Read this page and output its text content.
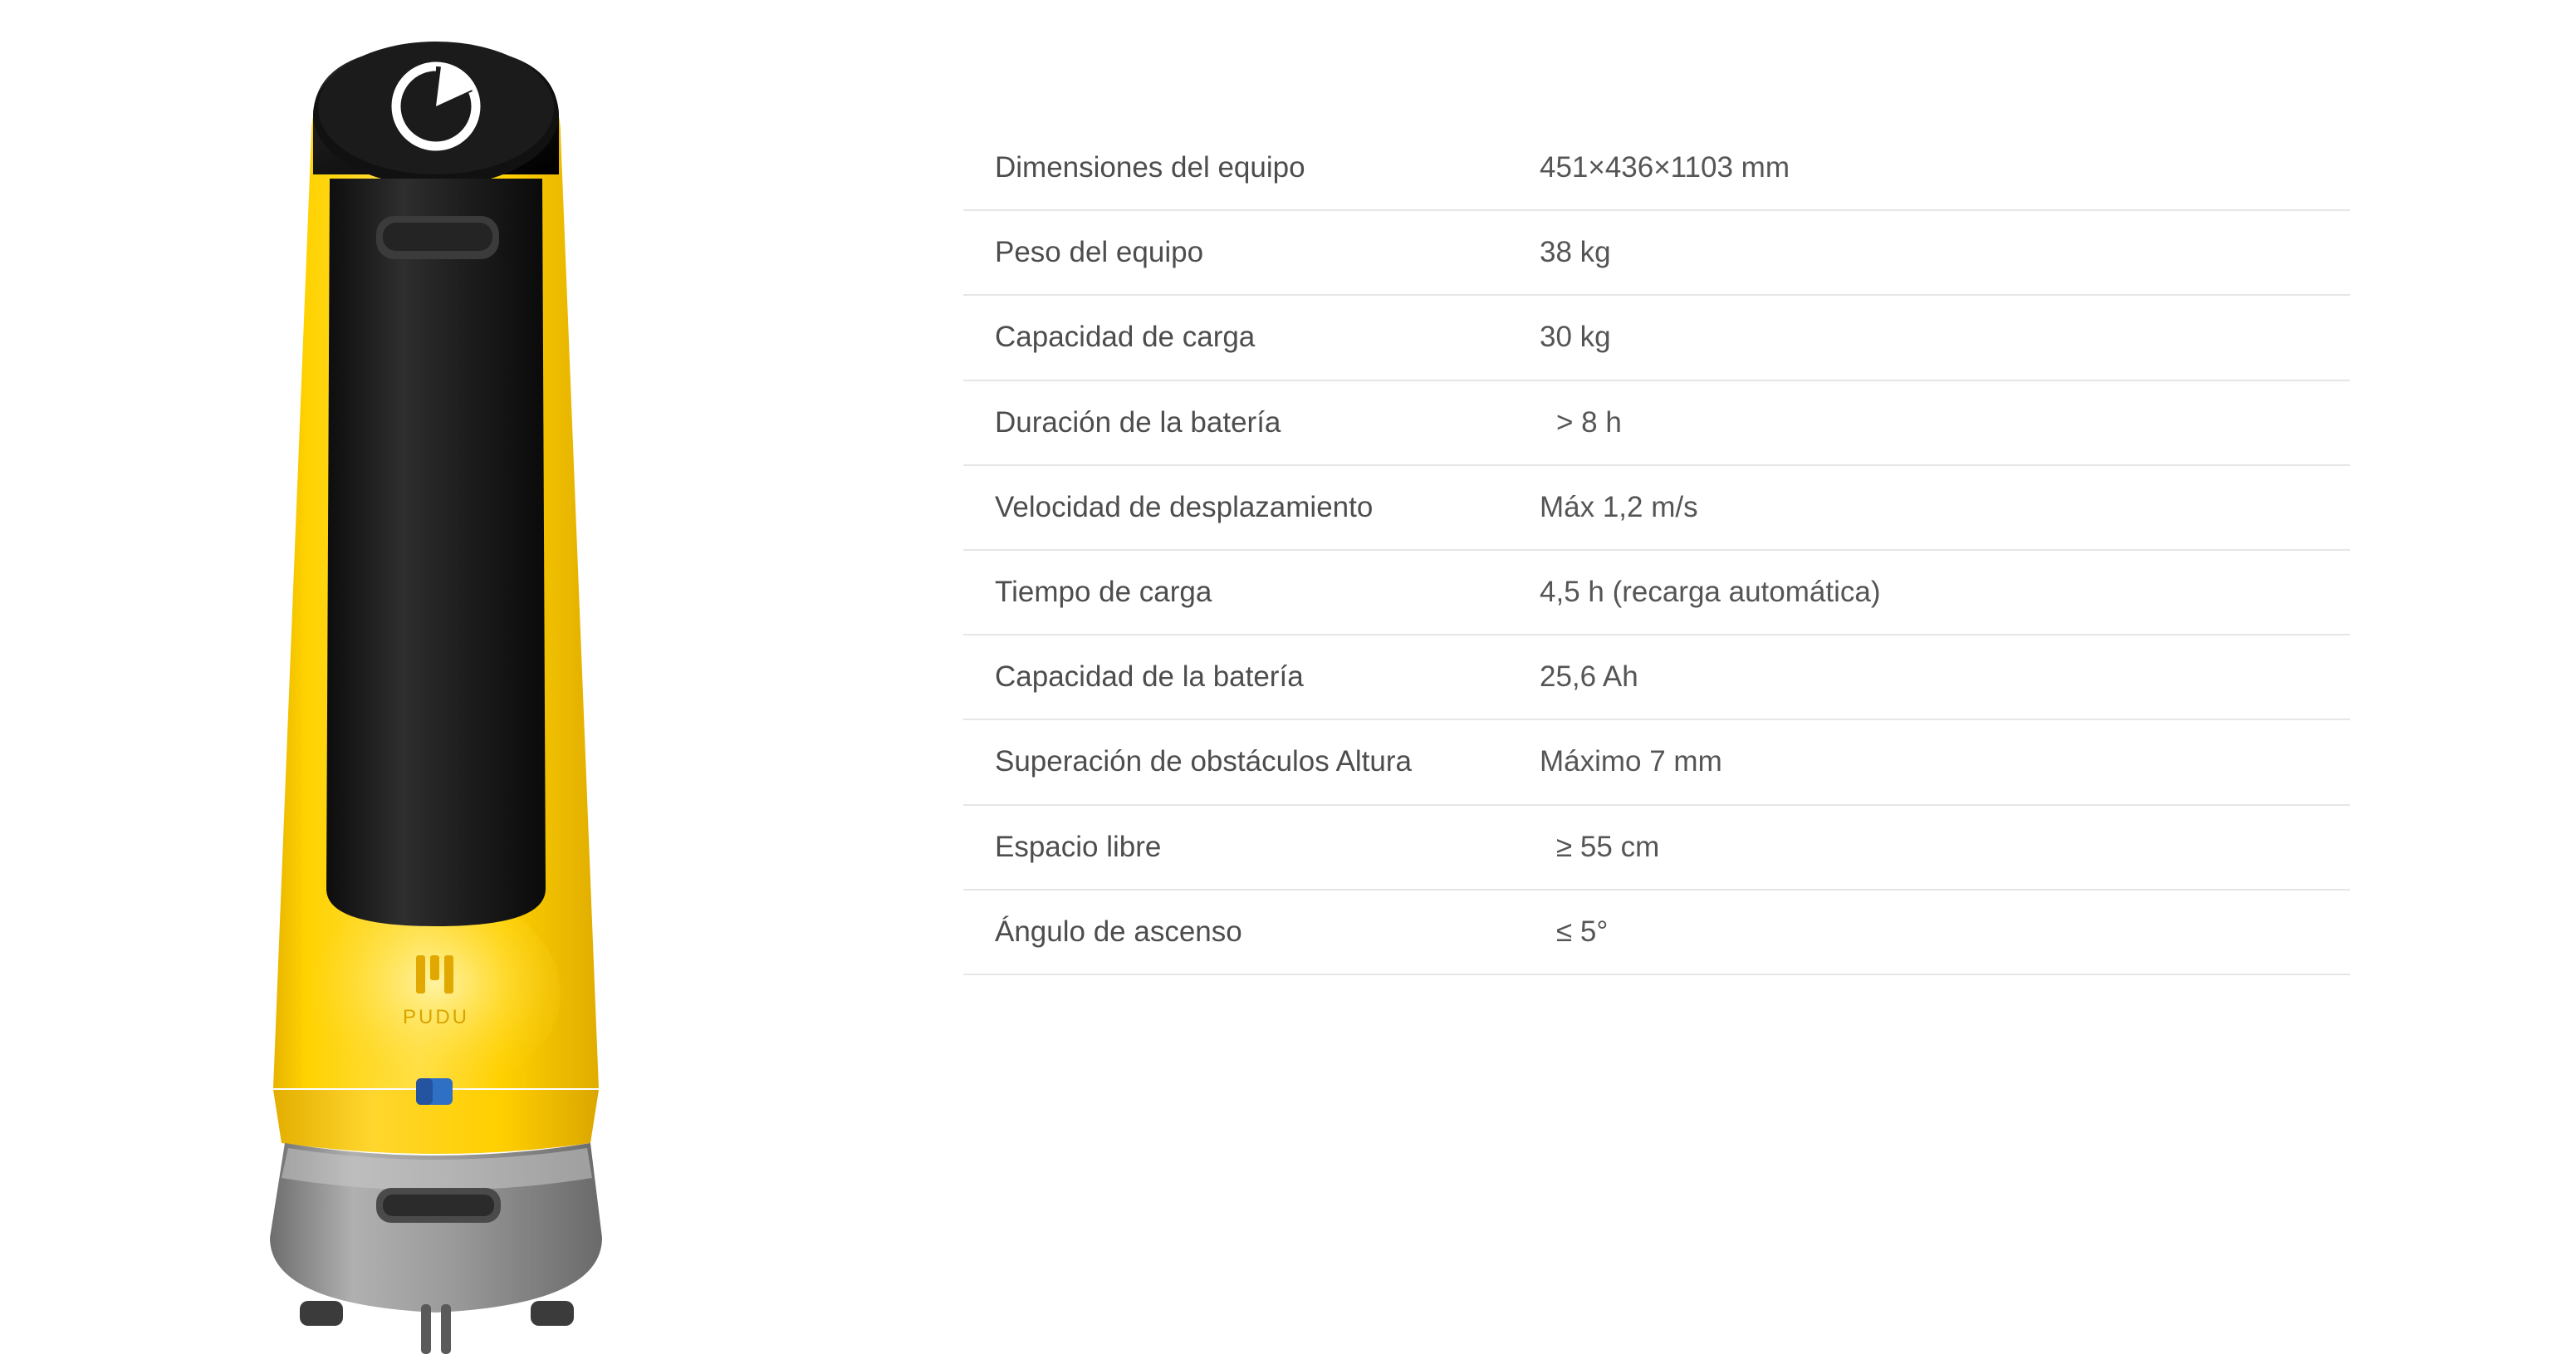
PUDU
Dimensiones del equipo	451×436×1103 mm
Peso del equipo	38 kg
Capacidad de carga	30 kg
Duración de la batería	> 8 h
Velocidad de desplazamiento	Máx 1,2 m/s
Tiempo de carga	4,5 h (recarga automática)
Capacidad de la batería	25,6 Ah
Superación de obstáculos Altura	Máximo 7 mm
Espacio libre	≥ 55 cm
Ángulo de ascenso	≤ 5°
